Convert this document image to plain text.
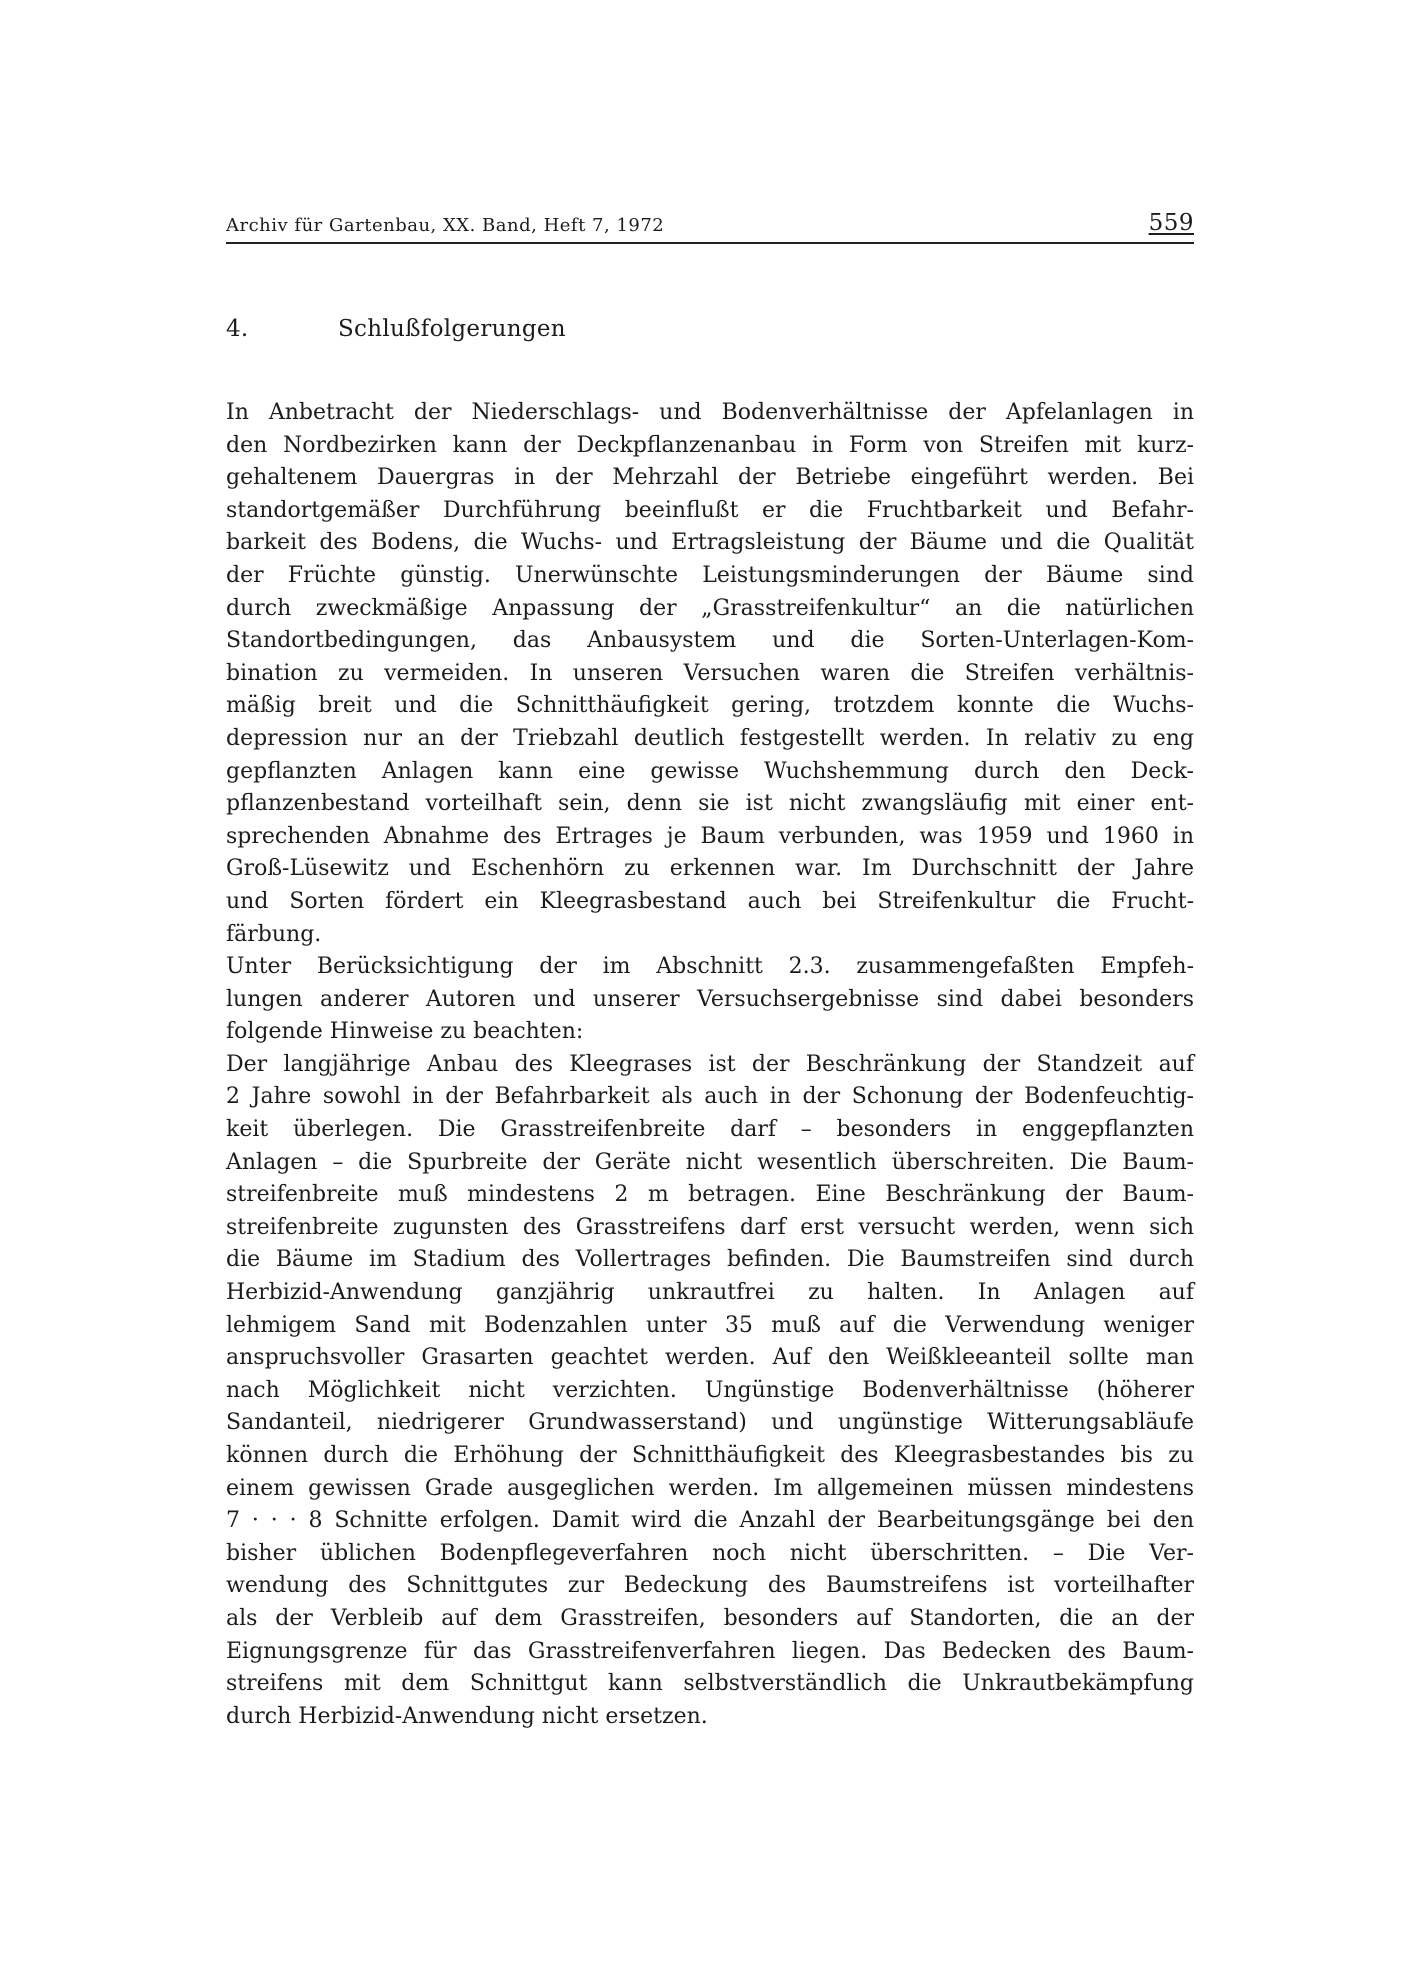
Archiv für Gartenbau, XX. Band, Heft 7, 1972	559
4.	Schlußfolgerungen
In Anbetracht der Niederschlags- und Bodenverhältnisse der Apfelanlagen in
den Nordbezirken kann der Deckpflanzenanbau in Form von Streifen mit kurz-
gehaltenem Dauergras in der Mehrzahl der Betriebe eingeführt werden. Bei
standortgemäßer Durchführung beeinflußt er die Fruchtbarkeit und Befahr-
barkeit des Bodens, die Wuchs- und Ertragsleistung der Bäume und die Qualität
der Früchte günstig. Unerwünschte Leistungsminderungen der Bäume sind
durch zweckmäßige Anpassung der „Grasstreifenkultur“ an die natürlichen
Standortbedingungen, das Anbausystem und die Sorten-Unterlagen-Kom-
bination zu vermeiden. In unseren Versuchen waren die Streifen verhältnis-
mäßig breit und die Schnitthäufigkeit gering, trotzdem konnte die Wuchs-
depression nur an der Triebzahl deutlich festgestellt werden. In relativ zu eng
gepflanzten Anlagen kann eine gewisse Wuchshemmung durch den Deck-
pflanzenbestand vorteilhaft sein, denn sie ist nicht zwangsläufig mit einer ent-
sprechenden Abnahme des Ertrages je Baum verbunden, was 1959 und 1960 in
Groß-Lüsewitz und Eschenhörn zu erkennen war. Im Durchschnitt der Jahre
und Sorten fördert ein Kleegrasbestand auch bei Streifenkultur die Frucht-
färbung.
Unter Berücksichtigung der im Abschnitt 2.3. zusammengefaßten Empfeh-
lungen anderer Autoren und unserer Versuchsergebnisse sind dabei besonders
folgende Hinweise zu beachten:
Der langjährige Anbau des Kleegrases ist der Beschränkung der Standzeit auf
2 Jahre sowohl in der Befahrbarkeit als auch in der Schonung der Bodenfeuchtig-
keit überlegen. Die Grasstreifenbreite darf – besonders in enggepflanzten
Anlagen – die Spurbreite der Geräte nicht wesentlich überschreiten. Die Baum-
streifenbreite muß mindestens 2 m betragen. Eine Beschränkung der Baum-
streifenbreite zugunsten des Grasstreifens darf erst versucht werden, wenn sich
die Bäume im Stadium des Vollertrages befinden. Die Baumstreifen sind durch
Herbizid-Anwendung ganzjährig unkrautfrei zu halten. In Anlagen auf
lehmigem Sand mit Bodenzahlen unter 35 muß auf die Verwendung weniger
anspruchsvoller Grasarten geachtet werden. Auf den Weißkleeanteil sollte man
nach Möglichkeit nicht verzichten. Ungünstige Bodenverhältnisse (höherer
Sandanteil, niedrigerer Grundwasserstand) und ungünstige Witterungsabläufe
können durch die Erhöhung der Schnitthäufigkeit des Kleegrasbestandes bis zu
einem gewissen Grade ausgeglichen werden. Im allgemeinen müssen mindestens
7 · · · 8 Schnitte erfolgen. Damit wird die Anzahl der Bearbeitungsgänge bei den
bisher üblichen Bodenpflegeverfahren noch nicht überschritten. – Die Ver-
wendung des Schnittgutes zur Bedeckung des Baumstreifens ist vorteilhafter
als der Verbleib auf dem Grasstreifen, besonders auf Standorten, die an der
Eignungsgrenze für das Grasstreifenverfahren liegen. Das Bedecken des Baum-
streifens mit dem Schnittgut kann selbstverständlich die Unkrautbekämpfung
durch Herbizid-Anwendung nicht ersetzen.
